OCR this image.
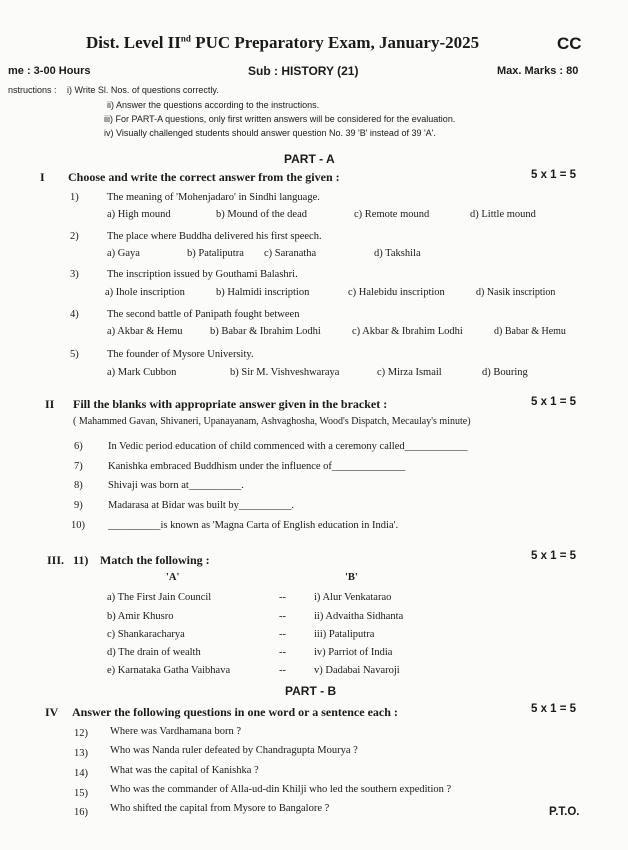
Dist. Level IInd PUC Preparatory Exam, January-2025	CC
me : 3-00 Hours	Sub : HISTORY (21)	Max. Marks : 80
nstructions : i) Write Sl. Nos. of questions correctly.
ii) Answer the questions according to the instructions.
iii) For PART-A questions, only first written answers will be considered for the evaluation.
iv) Visually challenged students should answer question No. 39 'B' instead of 39 'A'.
PART - A
I Choose and write the correct answer from the given :	5 x 1 = 5
1)	The meaning of 'Mohenjadaro' in Sindhi language.
a) High mound	b) Mound of the dead	c) Remote mound	d) Little mound
2)	The place where Buddha delivered his first speech.
a) Gaya	b) Pataliputra c) Saranatha	d) Takshila
3)	The inscription issued by Gouthami Balashri.
a) Ihole inscription	b) Halmidi inscription	c) Halebidu inscription	d) Nasik inscription
4)	The second battle of Panipath fought between
a) Akbar & Hemu	b) Babar & Ibrahim Lodhi	c) Akbar & Ibrahim Lodhi	d) Babar & Hemu
5)	The founder of Mysore University.
a) Mark Cubbon	b) Sir M. Vishveshwaraya	c) Mirza Ismail	d) Bouring
II Fill the blanks with appropriate answer given in the bracket :	5 x 1 = 5
( Mahammed Gavan, Shivaneri, Upanayanam, Ashvaghosha, Wood's Dispatch, Mecaulay's minute)
6) In Vedic period education of child commenced with a ceremony called____________
7) Kanishka embraced Buddhism under the influence of______________
8) Shivaji was born at__________.
9) Madarasa at Bidar was built by__________.
10) __________is known as 'Magna Carta of English education in India'.
III. 11) Match the following :	5 x 1 = 5
'A'	'B'
a) The First Jain Council	--	i) Alur Venkatarao
b) Amir Khusro	--	ii) Advaitha Sidhanta
c) Shankaracharya	--	iii) Pataliputra
d) The drain of wealth	--	iv) Parriot of India
e) Karnataka Gatha Vaibhava	--	v) Dadabai Navaroji
PART - B
IV Answer the following questions in one word or a sentence each :	5 x 1 = 5
12) Where was Vardhamana born ?
13) Who was Nanda ruler defeated by Chandragupta Mourya ?
14) What was the capital of Kanishka ?
15) Who was the commander of Alla-ud-din Khilji who led the southern expedition ?
16) Who shifted the capital from Mysore to Bangalore ?	P.T.O.
